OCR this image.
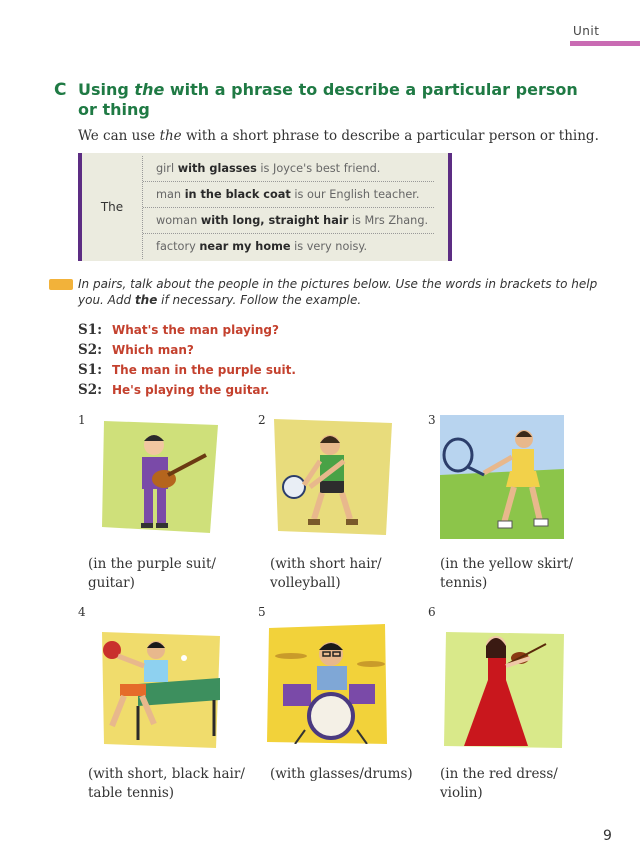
Unit
C Using the with a phrase to describe a particular person or thing
We can use the with a short phrase to describe a particular person or thing.
The
girl with glasses is Joyce's best friend.
man in the black coat is our English teacher.
woman with long, straight hair is Mrs Zhang.
factory near my home is very noisy.
In pairs, talk about the people in the pictures below. Use the words in brackets to help you. Add the if necessary. Follow the example.
S1: What's the man playing?
S2: Which man?
S1: The man in the purple suit.
S2: He's playing the guitar.
1
(in the purple suit/
guitar)
2
(with short hair/
volleyball)
3
(in the yellow skirt/
tennis)
4
(with short, black hair/
table tennis)
5
(with glasses/drums)
6
(in the red dress/
violin)
9
